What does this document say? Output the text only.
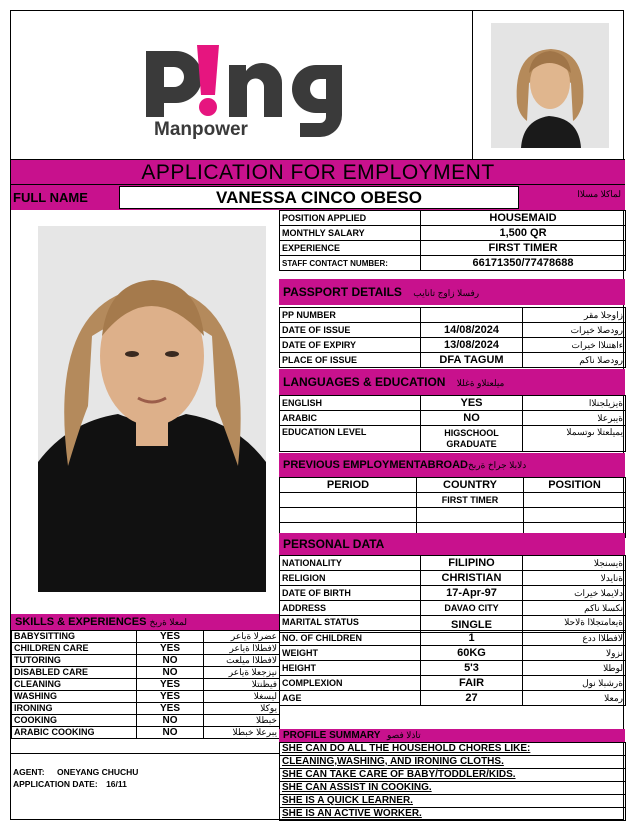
Manpower
APPLICATION FOR EMPLOYMENT
FULL NAME	VANESSA CINCO OBESO	لماكلا مسلاا
POSITION APPLIED	HOUSEMAID
MONTHLY SALARY	1,500 QR
EXPERIENCE	FIRST TIMER
STAFF CONTACT NUMBER:	66171350/77478688
PASSPORT DETAILS رفسلا زاوج تانايب
PP NUMBER		زاوجلا مقر
DATE OF ISSUE	14/08/2024	رودصلا خيرات
DATE OF EXPIRY	13/08/2024	ءاهتنلاا خيرات
PLACE OF ISSUE	DFA TAGUM	رودصلا ناكم
LANGUAGES & EDUCATION ميلعتلاو ةغللا
ENGLISH	YES	ةيزيلجنلاا
ARABIC	NO	ةيبرعلا
EDUCATION LEVEL	HIGSCHOOL GRADUATE	يميلعتلا ىوتسملا
PREVIOUS EMPLOYMENTABROADدلابلا جراخ ةربخ
PERIOD	COUNTRY	POSITION
	FIRST TIMER	

PERSONAL DATA
NATIONALITY	FILIPINO	ةيسنجلا
RELIGION	CHRISTIAN	ةنايدلا
DATE OF BIRTH	17-Apr-97	دلايملا خيرات
ADDRESS	DAVAO CITY	نكسلا ناكم
MARITAL STATUS	SINGLE	ةيعامتجلاا ةلاحلا
SKILLS & EXPERIENCES لمعلا ةربخ
BABYSITTING	YES	عضرلا ةياعر
CHILDREN CARE	YES	لافطلاا ةياعر
TUTORING	NO	لافطلاا ميلعت
DISABLED CARE	NO	نيزجعلا ةياعر
CLEANING	YES	فيظنتلا
WASHING	YES	ليسغلا
IRONING	YES	يوكلا
COOKING	NO	خبطلا
ARABIC COOKING	NO	يبرعلا خبطلا
NO. OF CHILDREN	1	لافطلاا ددع
WEIGHT	60KG	نزولا
HEIGHT	5'3	لوطلا
COMPLEXION	FAIR	ةرشبلا نول
AGE	27	رمعلا
PROFILE SUMMARY تاذلا فصو
SHE CAN DO ALL THE HOUSEHOLD CHORES LIKE:
CLEANING,WASHING, AND IRONING CLOTHS.
SHE CAN TAKE CARE OF BABY/TODDLER/KIDS.
SHE CAN ASSIST IN COOKING.
SHE IS A QUICK LEARNER.
SHE IS AN ACTIVE WORKER.
AGENT: ONEYANG CHUCHU
APPLICATION DATE: 16/11
